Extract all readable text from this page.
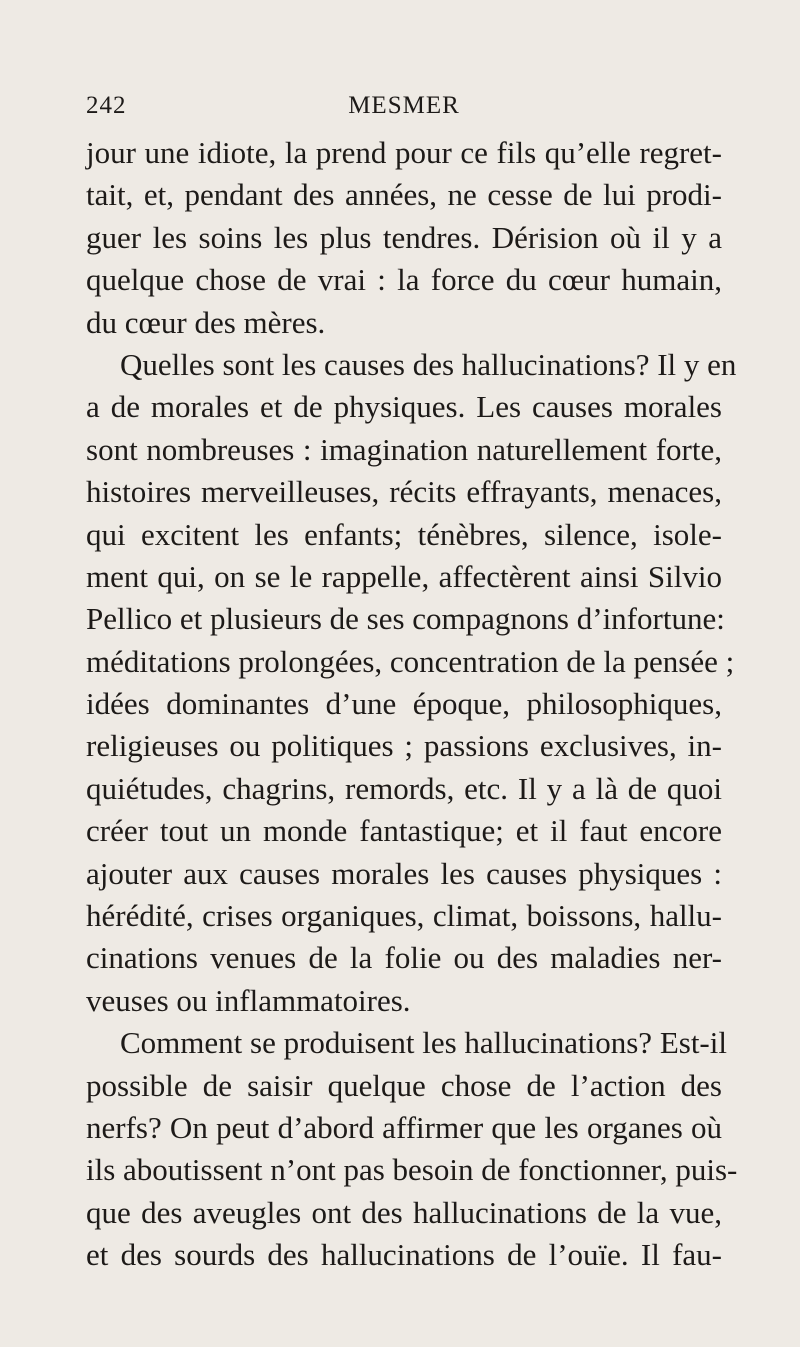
242	MESMER
jour une idiote, la prend pour ce fils qu’elle regret-
tait, et, pendant des années, ne cesse de lui prodi-
guer les soins les plus tendres. Dérision où il y a
quelque chose de vrai : la force du cœur humain,
du cœur des mères.
Quelles sont les causes des hallucinations? Il y en
a de morales et de physiques. Les causes morales
sont nombreuses : imagination naturellement forte,
histoires merveilleuses, récits effrayants, menaces,
qui excitent les enfants; ténèbres, silence, isole-
ment qui, on se le rappelle, affectèrent ainsi Silvio
Pellico et plusieurs de ses compagnons d’infortune:
méditations prolongées, concentration de la pensée ;
idées dominantes d’une époque, philosophiques,
religieuses ou politiques ; passions exclusives, in-
quiétudes, chagrins, remords, etc. Il y a là de quoi
créer tout un monde fantastique; et il faut encore
ajouter aux causes morales les causes physiques :
hérédité, crises organiques, climat, boissons, hallu-
cinations venues de la folie ou des maladies ner-
veuses ou inflammatoires.
Comment se produisent les hallucinations? Est-il
possible de saisir quelque chose de l’action des
nerfs? On peut d’abord affirmer que les organes où
ils aboutissent n’ont pas besoin de fonctionner, puis-
que des aveugles ont des hallucinations de la vue,
et des sourds des hallucinations de l’ouïe. Il fau-
